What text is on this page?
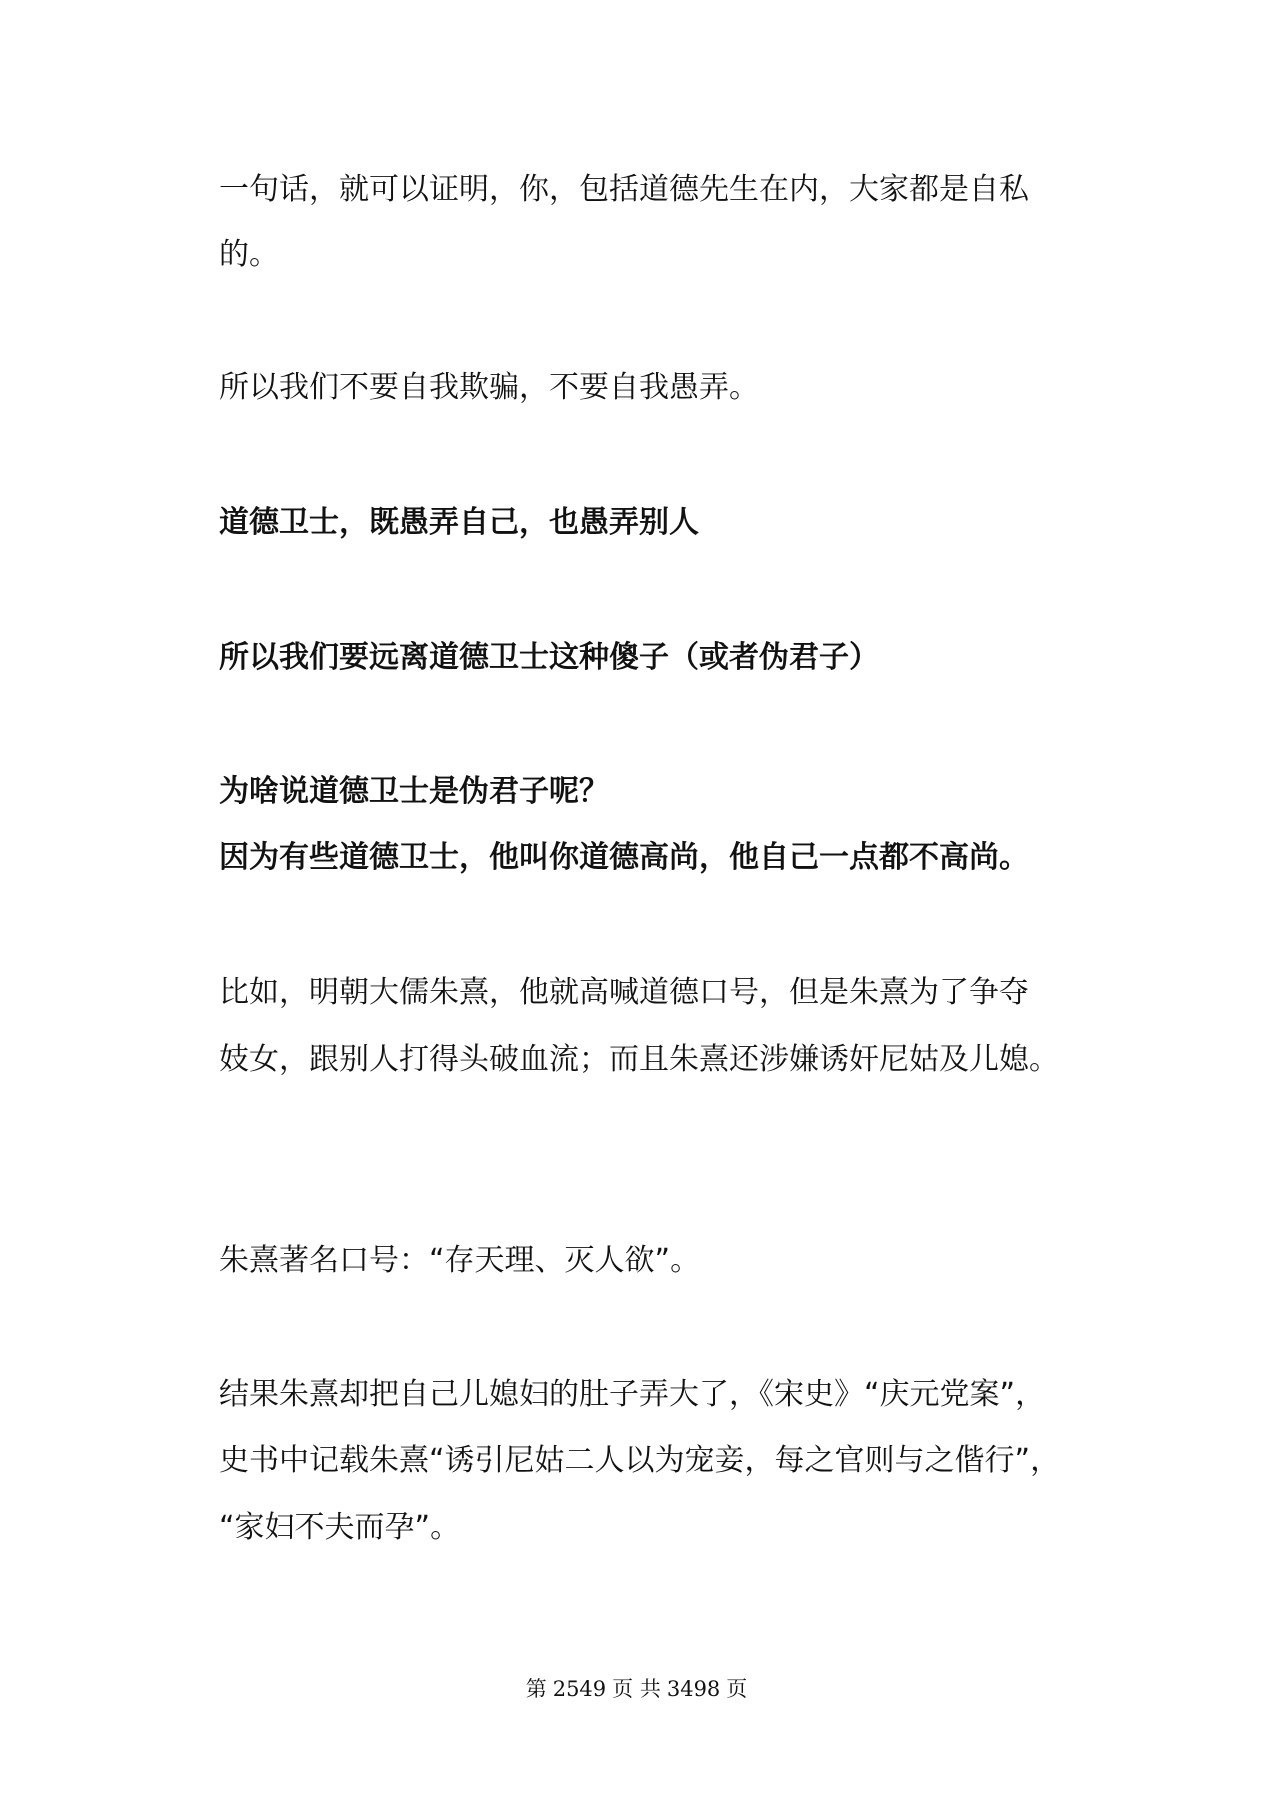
一句话，就可以证明，你，包括道德先生在内，大家都是自私
的。
所以我们不要自我欺骗，不要自我愚弄。
道德卫士，既愚弄自己，也愚弄别人
所以我们要远离道德卫士这种傻子（或者伪君子）
为啥说道德卫士是伪君子呢？
因为有些道德卫士，他叫你道德高尚，他自己一点都不高尚。
比如，明朝大儒朱熹，他就高喊道德口号，但是朱熹为了争夺
妓女，跟别人打得头破血流；而且朱熹还涉嫌诱奸尼姑及儿媳。
朱熹著名口号：“存天理、灭人欲”。
结果朱熹却把自己儿媳妇的肚子弄大了，《宋史》“庆元党案”，
史书中记载朱熹“诱引尼姑二人以为宠妾，每之官则与之偕行”，
“家妇不夫而孕”。
第 2549 页 共 3498 页
